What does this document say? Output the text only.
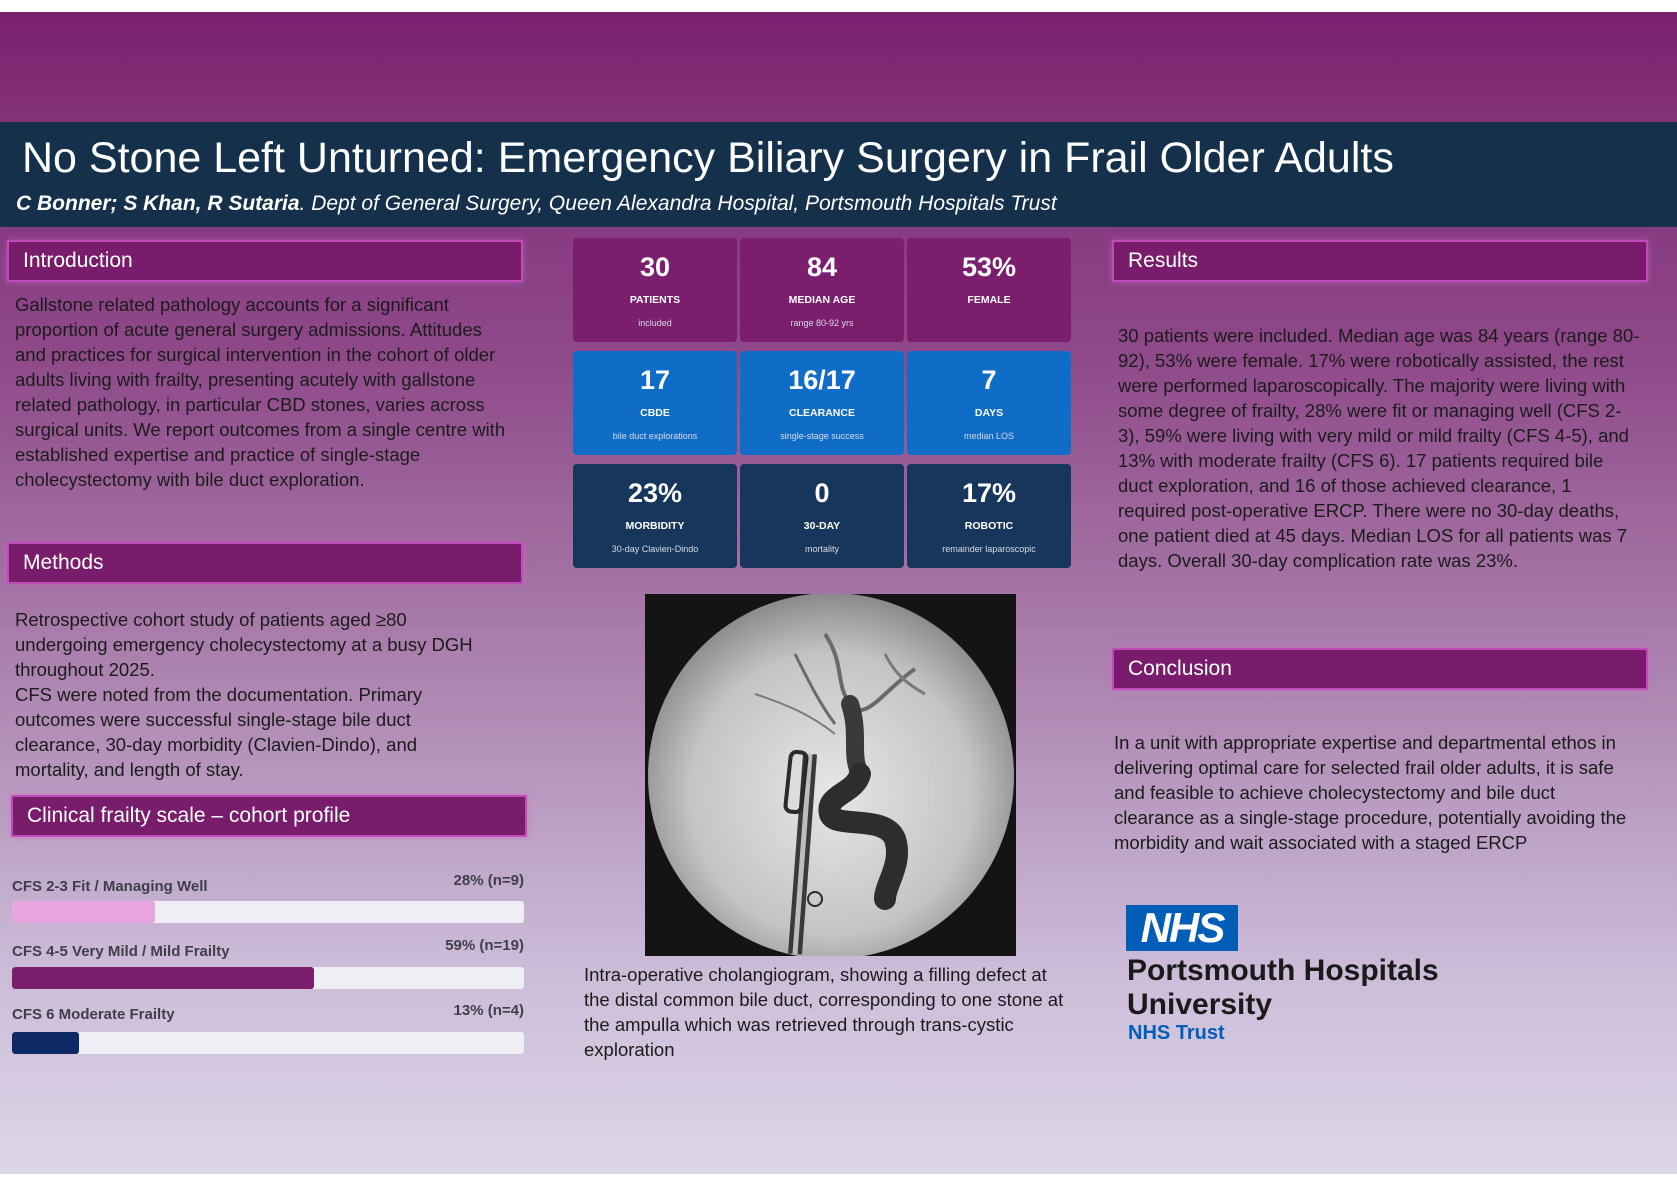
No Stone Left Unturned: Emergency Biliary Surgery in Frail Older Adults
C Bonner; S Khan, R Sutaria. Dept of General Surgery, Queen Alexandra Hospital, Portsmouth Hospitals Trust
Introduction

Gallstone related pathology accounts for a significant proportion of acute general surgery admissions. Attitudes and practices for surgical intervention in the cohort of older adults living with frailty, presenting acutely with gallstone related pathology, in particular CBD stones, varies across surgical units. We report outcomes from a single centre with established expertise and practice of single-stage cholecystectomy with bile duct exploration.

Methods

Retrospective cohort study of patients aged ≥80 undergoing emergency cholecystectomy at a busy DGH throughout 2025.

CFS were noted from the documentation. Primary outcomes were successful single-stage bile duct clearance, 30-day morbidity (Clavien-Dindo), and mortality, and length of stay.

Clinical frailty scale – cohort profile
CFS 2-3 Fit / Managing Well	28% (n=9)
CFS 4-5 Very Mild / Mild Frailty	59% (n=19)
CFS 6 Moderate Frailty	13% (n=4)
30
PATIENTS
included
84
MEDIAN AGE
range 80-92 yrs
53%
FEMALE
17
CBDE
bile duct explorations
16/17
CLEARANCE
single-stage success
7
DAYS
median LOS
23%
MORBIDITY
30-day Clavien-Dindo
0
30-DAY
mortality
17%
ROBOTIC
remainder laparoscopic

Intra-operative cholangiogram, showing a filling defect at the distal common bile duct, corresponding to one stone at the ampulla which was retrieved through trans-cystic exploration

Results

30 patients were included. Median age was 84 years (range 80-92), 53% were female. 17% were robotically assisted, the rest were performed laparoscopically. The majority were living with some degree of frailty, 28% were fit or managing well (CFS 2-3), 59% were living with very mild or mild frailty (CFS 4-5), and 13% with moderate frailty (CFS 6). 17 patients required bile duct exploration, and 16 of those achieved clearance, 1 required post-operative ERCP. There were no 30-day deaths, one patient died at 45 days. Median LOS for all patients was 7 days. Overall 30-day complication rate was 23%.

Conclusion

In a unit with appropriate expertise and departmental ethos in delivering optimal care for selected frail older adults, it is safe and feasible to achieve cholecystectomy and bile duct clearance as a single-stage procedure, potentially avoiding the morbidity and wait associated with a staged ERCP

NHS
Portsmouth Hospitals
University
NHS Trust
